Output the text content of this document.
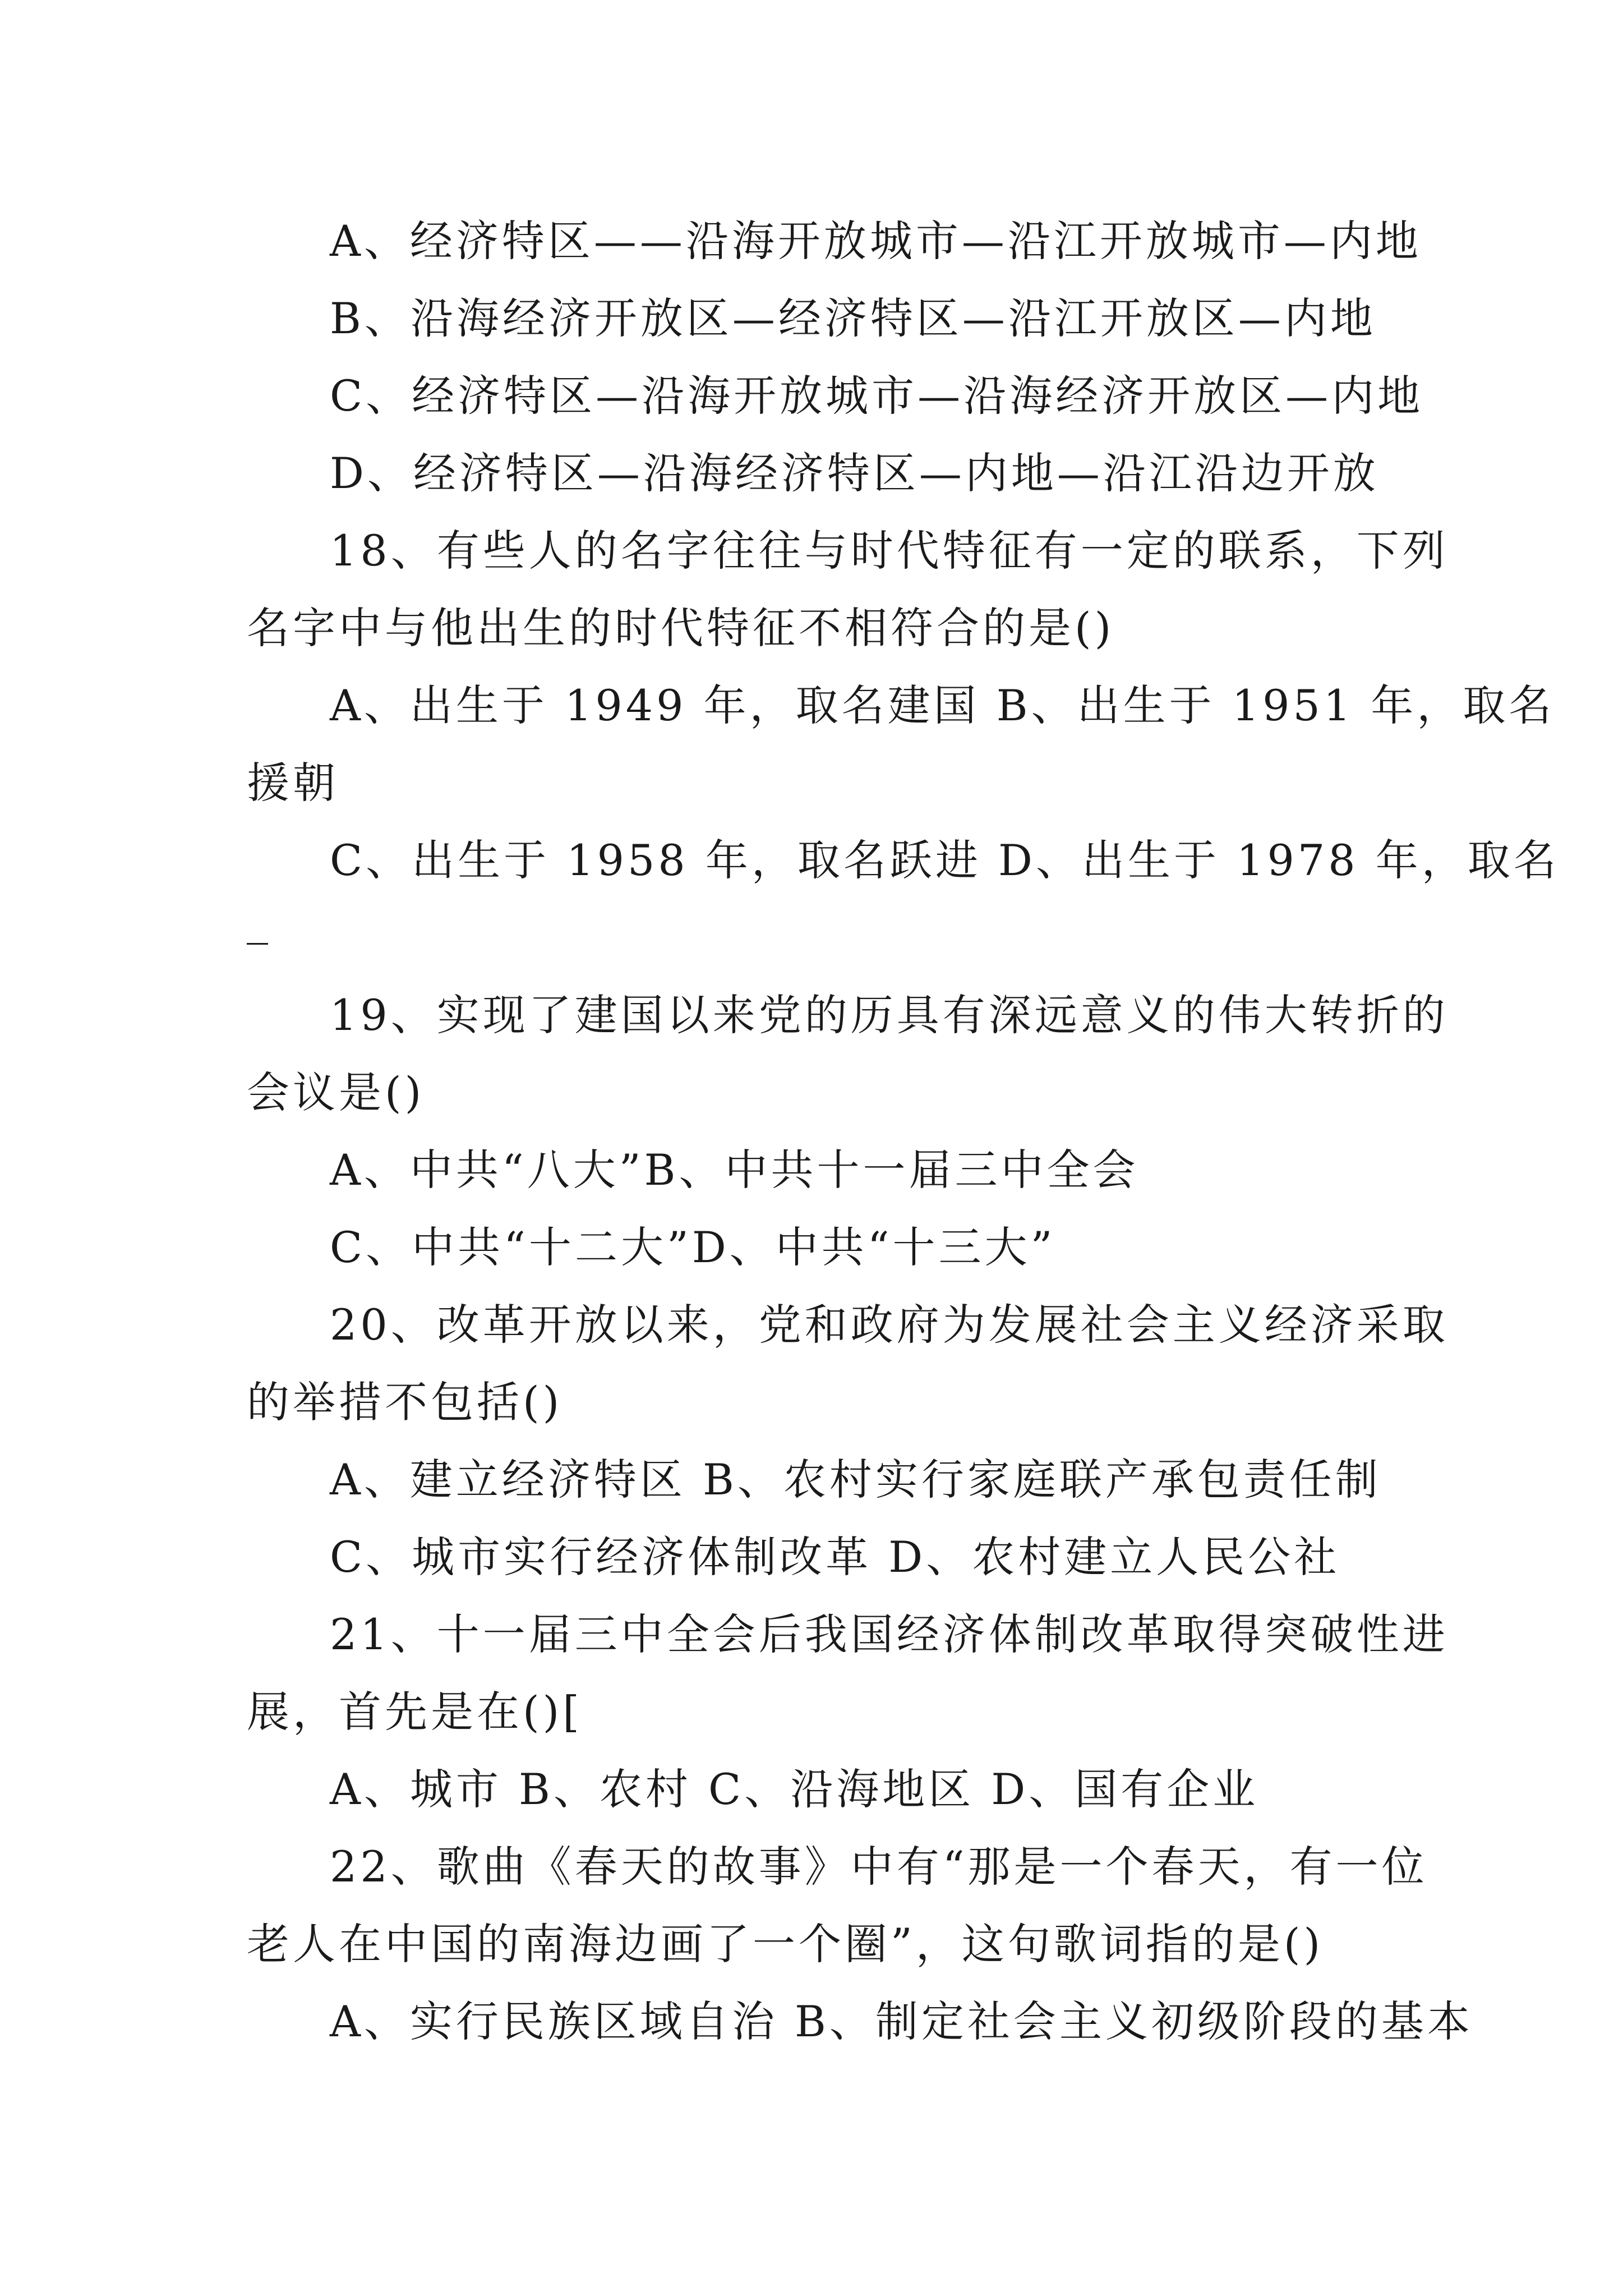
A、经济特区——沿海开放城市—沿江开放城市—内地
B、沿海经济开放区—经济特区—沿江开放区—内地
C、经济特区—沿海开放城市—沿海经济开放区—内地
D、经济特区—沿海经济特区—内地—沿江沿边开放
18、有些人的名字往往与时代特征有一定的联系，下列
名字中与他出生的时代特征不相符合的是()
A、出生于 1949 年，取名建国 B、出生于 1951 年，取名
援朝
C、出生于 1958 年，取名跃进 D、出生于 1978 年，取名
_
19、实现了建国以来党的历具有深远意义的伟大转折的
会议是()
A、中共“八大”B、中共十一届三中全会
C、中共“十二大”D、中共“十三大”
20、改革开放以来，党和政府为发展社会主义经济采取
的举措不包括()
A、建立经济特区 B、农村实行家庭联产承包责任制
C、城市实行经济体制改革 D、农村建立人民公社
21、十一届三中全会后我国经济体制改革取得突破性进
展，首先是在()[
A、城市 B、农村 C、沿海地区 D、国有企业
22、歌曲《春天的故事》中有“那是一个春天，有一位
老人在中国的南海边画了一个圈”，这句歌词指的是()
A、实行民族区域自治 B、制定社会主义初级阶段的基本
